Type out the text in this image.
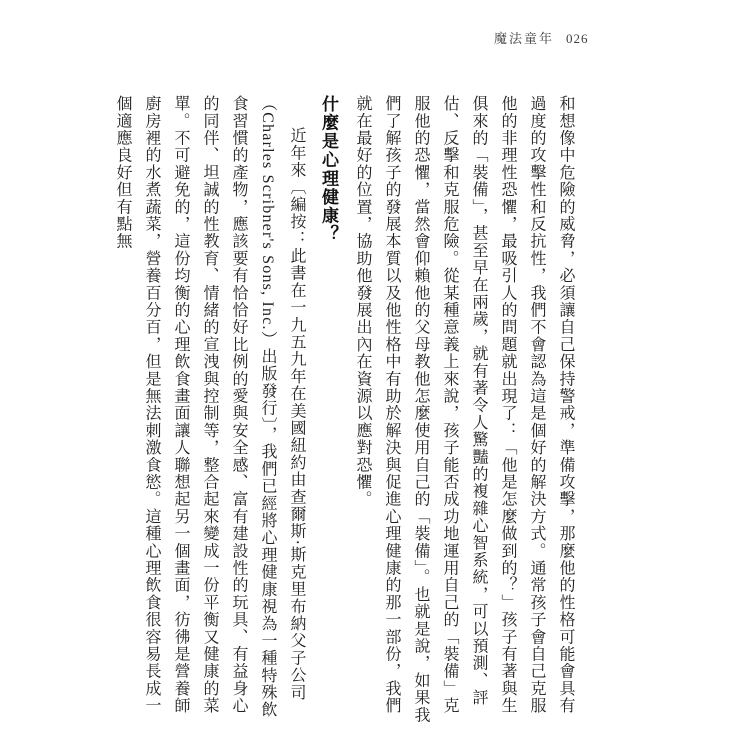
魔法童年 026

和想像中危險的威脅，必須讓自己保持警戒，準備攻擊，那麼他的性格可能會具有過度的攻擊性和反抗性，我們不會認為這是個好的解決方式。通常孩子會自己克服他的非理性恐懼，最吸引人的問題就出現了：「他是怎麼做到的？」孩子有著與生俱來的「裝備」，甚至早在兩歲，就有著令人驚豔的複雜心智系統，可以預測、評估、反擊和克服危險。從某種意義上來說，孩子能否成功地運用自己的「裝備」克服他的恐懼，當然會仰賴他的父母教他怎麼使用自己的「裝備」。也就是說，如果我們了解孩子的發展本質以及他性格中有助於解決與促進心理健康的那一部份，我們就在最好的位置，協助他發展出內在資源以應對恐懼。

什麼是心理健康？

近年來〔編按：此書在一九五九年在美國紐約由查爾斯‧斯克里布納父子公司（Charles Scribner's Sons, Inc.）出版發行〕，我們已經將心理健康視為一種特殊飲食習慣的產物，應該要有恰恰好比例的愛與安全感、富有建設性的玩具、有益身心的同伴、坦誠的性教育、情緒的宣洩與控制等，整合起來變成一份平衡又健康的菜單。不可避免的，這份均衡的心理飲食畫面讓人聯想起另一個畫面，彷彿是營養師廚房裡的水煮蔬菜，營養百分百，但是無法刺激食慾。這種心理飲食很容易長成一個適應良好但有點無
